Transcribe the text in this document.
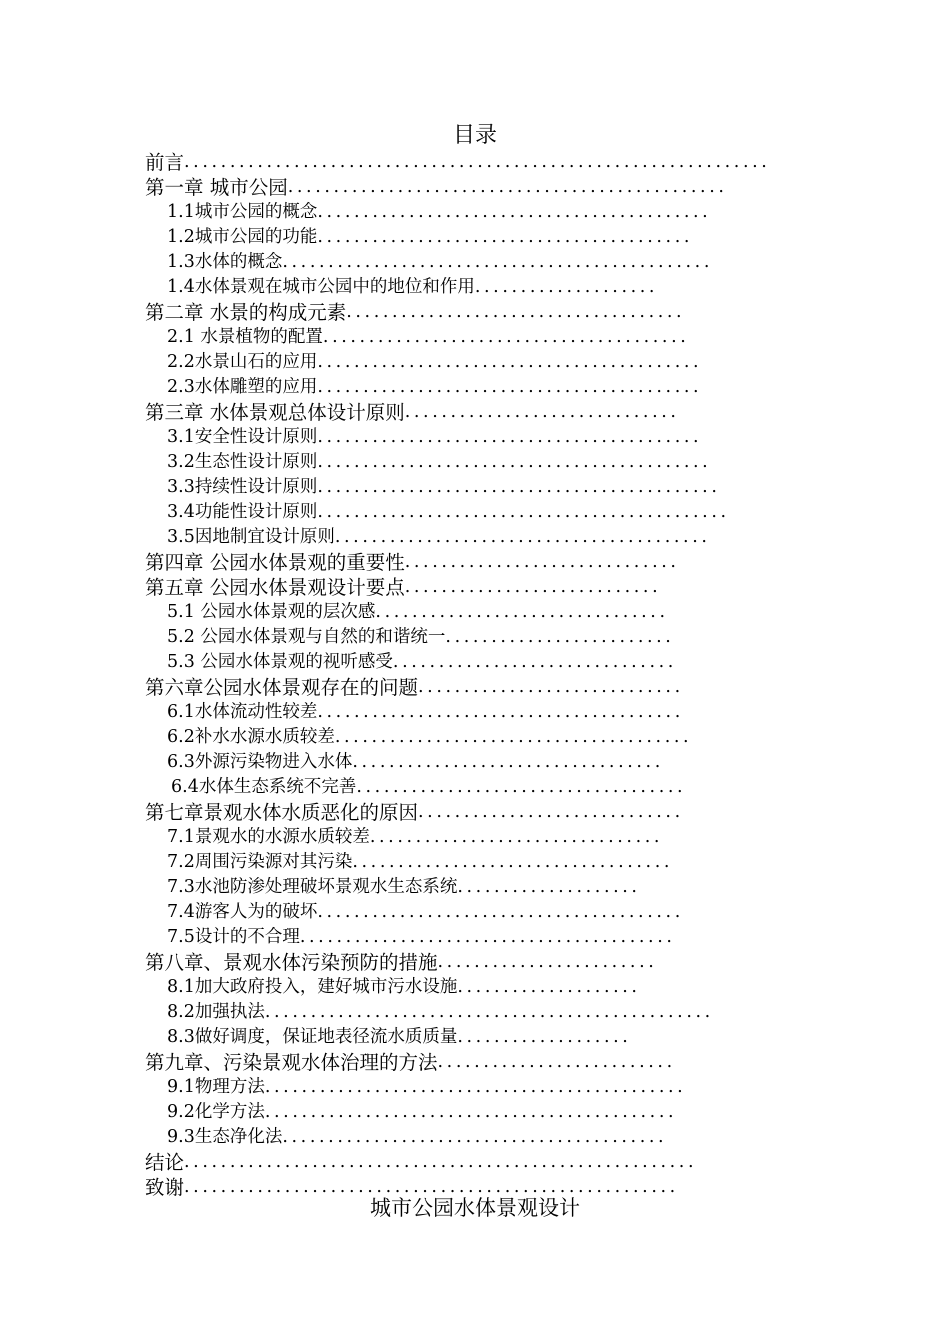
目录
前言................................................................
第一章 城市公园................................................
1.1城市公园的概念...........................................
1.2城市公园的功能.........................................
1.3水体的概念...............................................
1.4水体景观在城市公园中的地位和作用....................
第二章 水景的构成元素.....................................
2.1 水景植物的配置........................................
2.2水景山石的应用..........................................
2.3水体雕塑的应用..........................................
第三章 水体景观总体设计原则..............................
3.1安全性设计原则..........................................
3.2生态性设计原则...........................................
3.3持续性设计原则............................................
3.4功能性设计原则.............................................
3.5因地制宜设计原则.........................................
第四章 公园水体景观的重要性..............................
第五章 公园水体景观设计要点............................
5.1 公园水体景观的层次感................................
5.2 公园水体景观与自然的和谐统一.........................
5.3 公园水体景观的视听感受...............................
第六章公园水体景观存在的问题.............................
6.1水体流动性较差........................................
6.2补水水源水质较差.......................................
6.3外源污染物进入水体..................................
6.4水体生态系统不完善....................................
第七章景观水体水质恶化的原因.............................
7.1景观水的水源水质较差................................
7.2周围污染源对其污染...................................
7.3水池防渗处理破坏景观水生态系统....................
7.4游客人为的破坏........................................
7.5设计的不合理.........................................
第八章、景观水体污染预防的措施........................
8.1加大政府投入，建好城市污水设施....................
8.2加强执法.................................................
8.3做好调度，保证地表径流水质质量...................
第九章、污染景观水体治理的方法..........................
9.1物理方法..............................................
9.2化学方法.............................................
9.3生态净化法..........................................
结论........................................................
致谢......................................................
城市公园水体景观设计
